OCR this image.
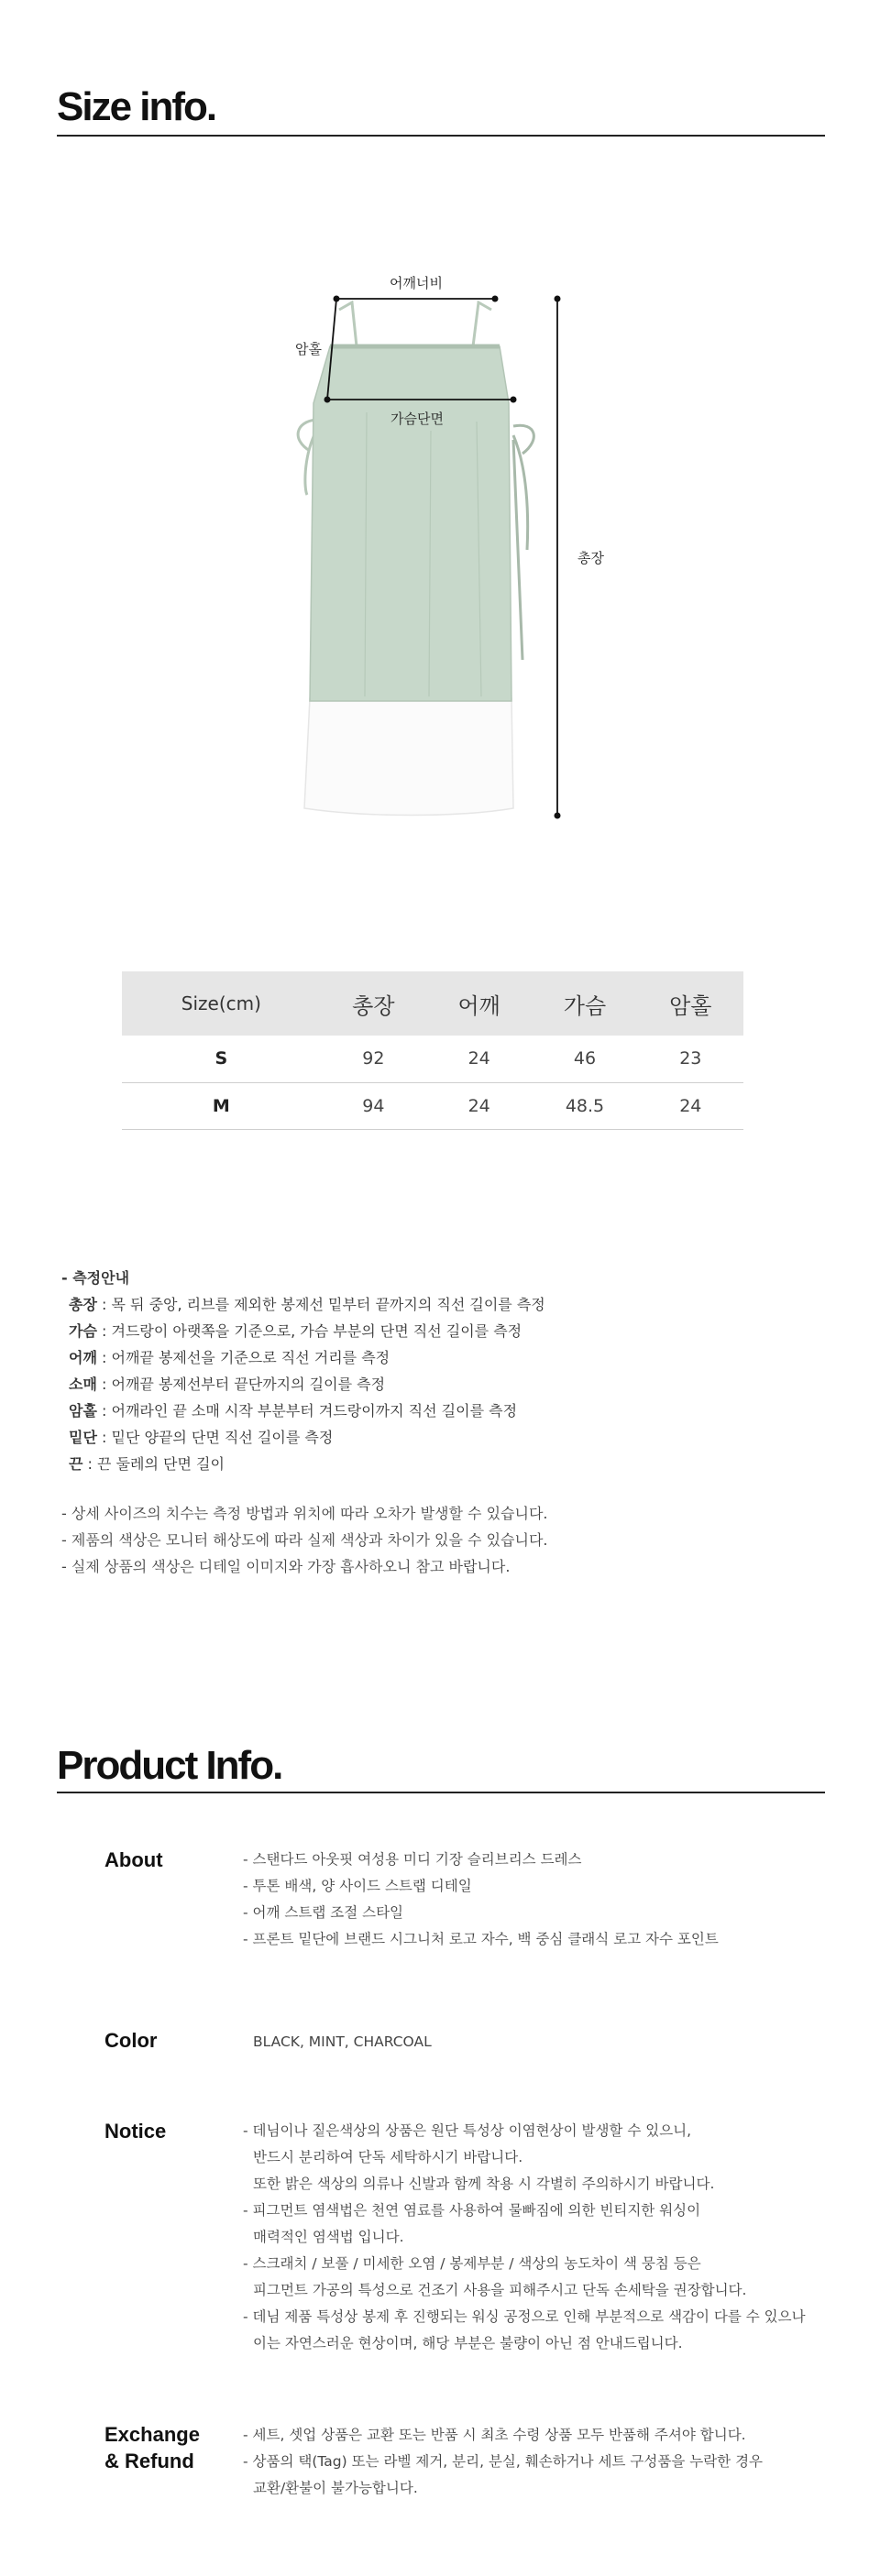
Size info.
어깨너비
암홀
가슴단면
총장
Size(cm)	총장	어깨	가슴	암홀
S	92	24	46	23
M	94	24	48.5	24
- 측정안내
총장 : 목 뒤 중앙, 리브를 제외한 봉제선 밑부터 끝까지의 직선 길이를 측정
가슴 : 겨드랑이 아랫쪽을 기준으로, 가슴 부분의 단면 직선 길이를 측정
어깨 : 어깨끝 봉제선을 기준으로 직선 거리를 측정
소매 : 어깨끝 봉제선부터 끝단까지의 길이를 측정
암홀 : 어깨라인 끝 소매 시작 부분부터 겨드랑이까지 직선 길이를 측정
밑단 : 밑단 양끝의 단면 직선 길이를 측정
끈 : 끈 둘레의 단면 길이
- 상세 사이즈의 치수는 측정 방법과 위치에 따라 오차가 발생할 수 있습니다.
- 제품의 색상은 모니터 해상도에 따라 실제 색상과 차이가 있을 수 있습니다.
- 실제 상품의 색상은 디테일 이미지와 가장 흡사하오니 참고 바랍니다.
Product Info.
About	- 스탠다드 아웃핏 여성용 미디 기장 슬리브리스 드레스
- 투톤 배색, 양 사이드 스트랩 디테일
- 어깨 스트랩 조절 스타일
- 프론트 밑단에 브랜드 시그니처 로고 자수, 백 중심 클래식 로고 자수 포인트
Color	BLACK, MINT, CHARCOAL
Notice	- 데님이나 짙은색상의 상품은 원단 특성상 이염현상이 발생할 수 있으니,
반드시 분리하여 단독 세탁하시기 바랍니다.
또한 밝은 색상의 의류나 신발과 함께 착용 시 각별히 주의하시기 바랍니다.
- 피그먼트 염색법은 천연 염료를 사용하여 물빠짐에 의한 빈티지한 워싱이
매력적인 염색법 입니다.
- 스크래치 / 보풀 / 미세한 오염 / 봉제부분 / 색상의 농도차이 색 뭉침 등은
피그먼트 가공의 특성으로 건조기 사용을 피해주시고 단독 손세탁을 권장합니다.
- 데님 제품 특성상 봉제 후 진행되는 워싱 공정으로 인해 부분적으로 색감이 다를 수 있으나
이는 자연스러운 현상이며, 해당 부분은 불량이 아닌 점 안내드립니다.
Exchange
& Refund
- 세트, 셋업 상품은 교환 또는 반품 시 최초 수령 상품 모두 반품해 주셔야 합니다.
- 상품의 택(Tag) 또는 라벨 제거, 분리, 분실, 훼손하거나 세트 구성품을 누락한 경우
교환/환불이 불가능합니다.
